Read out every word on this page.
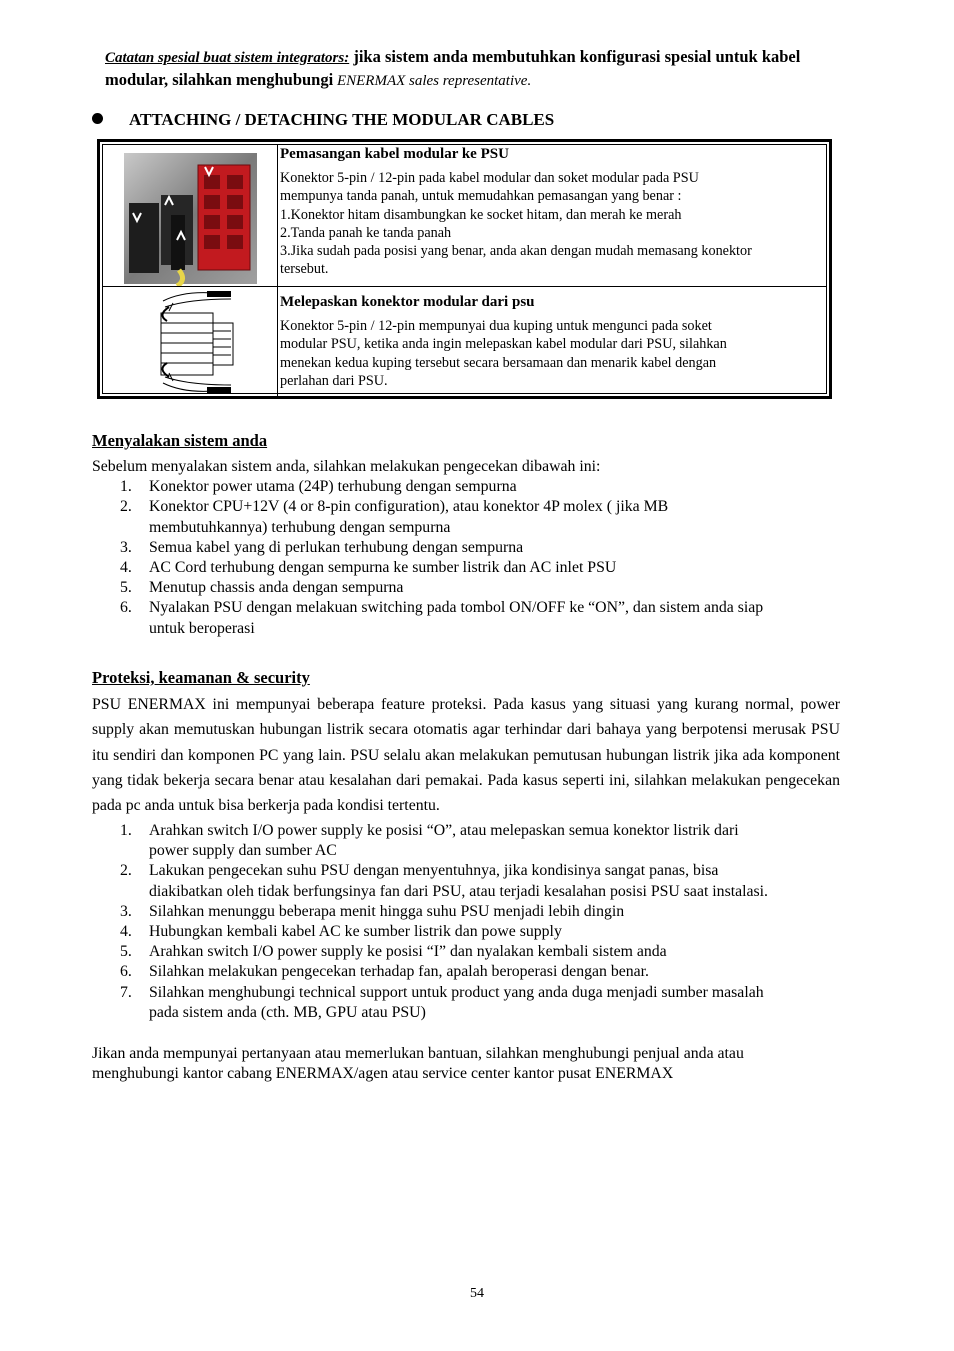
Catatan spesial buat sistem integrators: jika sistem anda membutuhkan konfigurasi spesial untuk kabel modular, silahkan menghubungi ENERMAX sales representative.
ATTACHING / DETACHING THE MODULAR CABLES
Pemasangan kabel modular ke PSU
Konektor 5-pin / 12-pin pada kabel modular dan soket modular pada PSU
mempunya tanda panah, untuk memudahkan pemasangan yang benar :
1.Konektor hitam disambungkan ke socket hitam, dan merah ke merah
2.Tanda panah ke tanda panah
3.Jika sudah pada posisi yang benar, anda akan dengan mudah memasang konektor
tersebut.
Melepaskan konektor modular dari psu
Konektor 5-pin / 12-pin mempunyai dua kuping untuk mengunci pada soket
modular PSU, ketika anda ingin melepaskan kabel modular dari PSU, silahkan
menekan kedua kuping tersebut secara bersamaan dan menarik kabel dengan
perlahan dari PSU.
Menyalakan sistem anda
Sebelum menyalakan sistem anda, silahkan melakukan pengecekan dibawah ini:
1. Konektor power utama (24P) terhubung dengan sempurna
2. Konektor CPU+12V (4 or 8-pin configuration), atau konektor 4P molex ( jika MB
membutuhkannya) terhubung dengan sempurna
3. Semua kabel yang di perlukan terhubung dengan sempurna
4. AC Cord terhubung dengan sempurna ke sumber listrik dan AC inlet PSU
5. Menutup chassis anda dengan sempurna
6. Nyalakan PSU dengan melakuan switching pada tombol ON/OFF ke “ON”, dan sistem anda siap
untuk beroperasi
Proteksi, keamanan & security
PSU ENERMAX ini mempunyai beberapa feature proteksi. Pada kasus yang situasi yang kurang normal, power supply akan memutuskan hubungan listrik secara otomatis agar terhindar dari bahaya yang berpotensi merusak PSU itu sendiri dan komponen PC yang lain. PSU selalu akan melakukan pemutusan hubungan listrik jika ada komponent yang tidak bekerja secara benar atau kesalahan dari pemakai. Pada kasus seperti ini, silahkan melakukan pengecekan pada pc anda untuk bisa berkerja pada kondisi tertentu.
1. Arahkan switch I/O power supply ke posisi “O”, atau melepaskan semua konektor listrik dari
power supply dan sumber AC
2. Lakukan pengecekan suhu PSU dengan menyentuhnya, jika kondisinya sangat panas, bisa
diakibatkan oleh tidak berfungsinya fan dari PSU, atau terjadi kesalahan posisi PSU saat instalasi.
3. Silahkan menunggu beberapa menit hingga suhu PSU menjadi lebih dingin
4. Hubungkan kembali kabel AC ke sumber listrik dan powe supply
5. Arahkan switch I/O power supply ke posisi “I” dan nyalakan kembali sistem anda
6. Silahkan melakukan pengecekan terhadap fan, apalah beroperasi dengan benar.
7. Silahkan menghubungi technical support untuk product yang anda duga menjadi sumber masalah
pada sistem anda (cth. MB, GPU atau PSU)
Jikan anda mempunyai pertanyaan atau memerlukan bantuan, silahkan menghubungi penjual anda atau
menghubungi kantor cabang ENERMAX/agen atau service center kantor pusat ENERMAX
54
